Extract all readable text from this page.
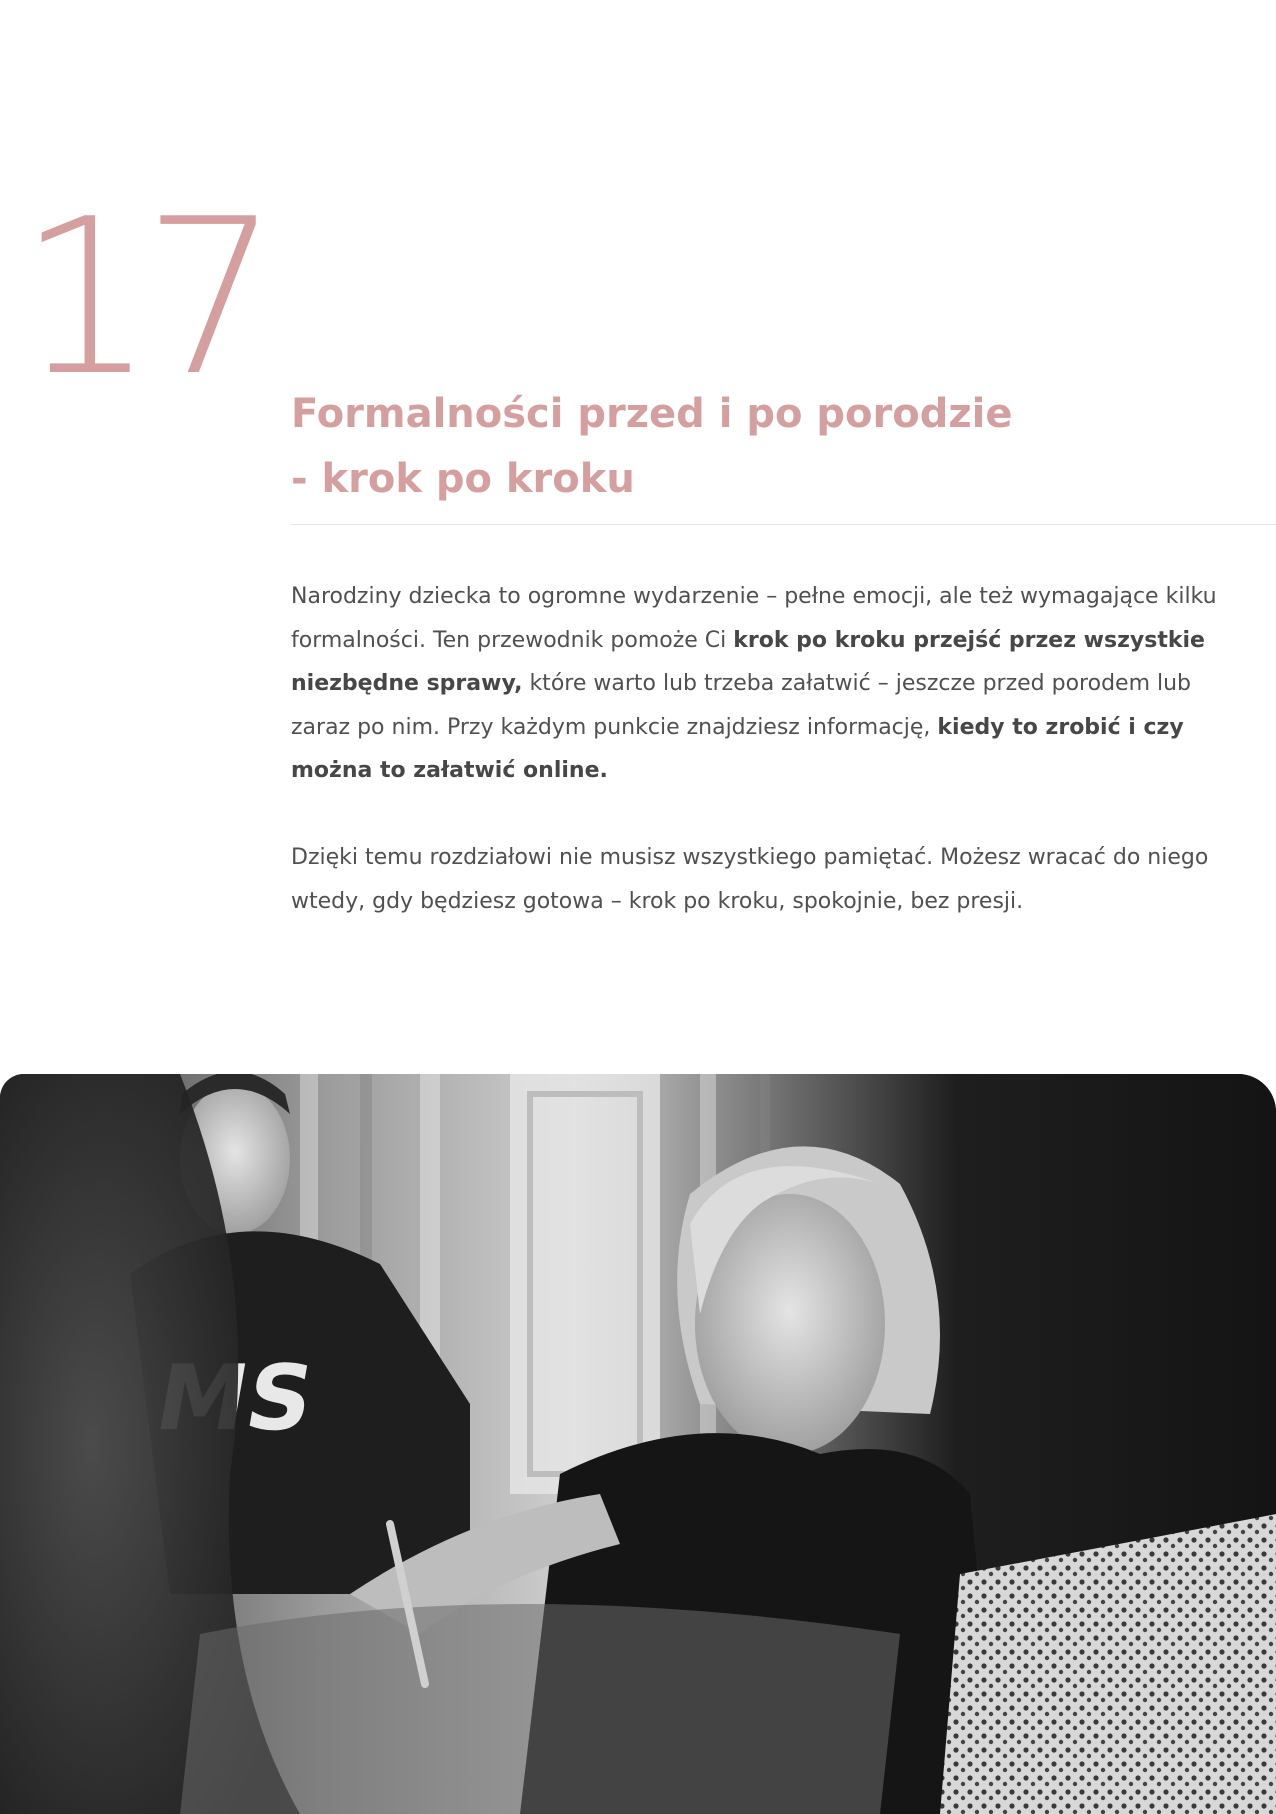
17 Formalności przed i po porodzie
- krok po kroku

Narodziny dziecka to ogromne wydarzenie – pełne emocji, ale też wymagające kilku formalności. Ten przewodnik pomoże Ci krok po kroku przejść przez wszystkie niezbędne sprawy, które warto lub trzeba załatwić – jeszcze przed porodem lub zaraz po nim. Przy każdym punkcie znajdziesz informację, kiedy to zrobić i czy można to załatwić online.

Dzięki temu rozdziałowi nie musisz wszystkiego pamiętać. Możesz wracać do niego wtedy, gdy będziesz gotowa – krok po kroku, spokojnie, bez presji.
